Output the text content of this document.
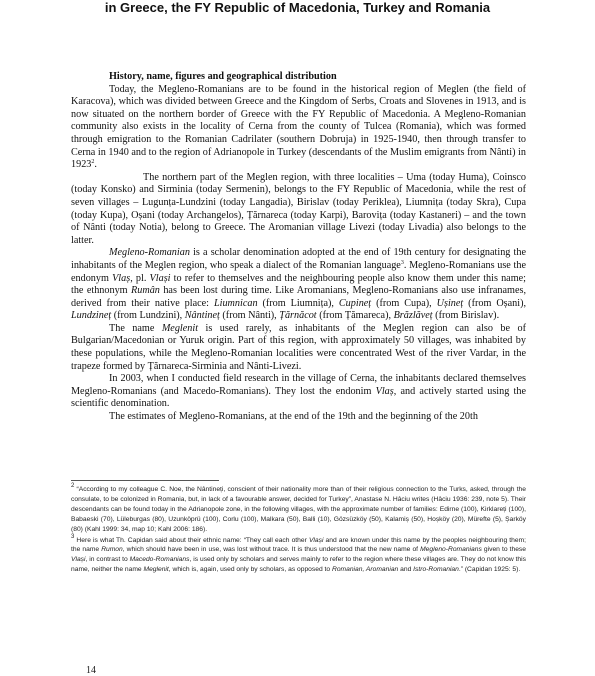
in Greece, the FY Republic of Macedonia, Turkey and Romania

History, name, figures and geographical distribution

Today, the Megleno-Romanians are to be found in the historical region of Meglen (the field of Karacova), which was divided between Greece and the Kingdom of Serbs, Croats and Slovenes in 1913, and is now situated on the northern border of Greece with the FY Republic of Macedonia. A Megleno-Romanian community also exists in the locality of Cerna from the county of Tulcea (Romania), which was formed through emigration to the Romanian Cadrilater (southern Dobruja) in 1925-1940, then through transfer to Cerna in 1940 and to the region of Adrianopole in Turkey (descendants of the Muslim emigrants from Nânti) in 1923$^2$.

The northern part of the Meglen region, with three localities – Uma (today Huma), Coinsco (today Konsko) and Sirminia (today Sermenin), belongs to the FY Republic of Macedonia, while the rest of seven villages – Lugunța-Lundzini (today Langadia), Birislav (today Periklea), Liumnița (today Skra), Cupa (today Kupa), Oșani (today Archangelos), Țărnareca (today Karpi), Barovița (today Kastaneri) – and the town of Nânti (today Notia), belong to Greece. The Aromanian village Livezi (today Livadia) also belongs to the latter.

Megleno-Romanian is a scholar denomination adopted at the end of 19th century for designating the inhabitants of the Meglen region, who speak a dialect of the Romanian language$^3$. Megleno-Romanians use the endonym Vlaș, pl. Vlași to refer to themselves and the neighbouring people also know them under this name; the ethnonym Rumân has been lost during time. Like Aromanians, Megleno-Romanians also use infranames, derived from their native place: Liumnican (from Liumnița), Cupineț (from Cupa), Ușineț (from Oșani), Lundzineț (from Lundzini), Nântineț (from Nânti), Țărnăcot (from Țămareca), Brăzlăveț (from Birislav).

The name Meglenit is used rarely, as inhabitants of the Meglen region can also be of Bulgarian/Macedonian or Yuruk origin. Part of this region, with approximately 50 villages, was inhabited by these populations, while the Megleno-Romanian localities were concentrated West of the river Vardar, in the trapeze formed by Țărnareca-Sirminia and Nânti-Livezi.

In 2003, when I conducted field research in the village of Cerna, the inhabitants declared themselves Megleno-Romanians (and Macedo-Romanians). They lost the endonim Vlaș, and actively started using the scientific denomination.

The estimates of Megleno-Romanians, at the end of the 19th and the beginning of the 20th

$^2$ “According to my colleague C. Noe, the Nântineți, conscient of their nationality more than of their religious connection to the Turks, asked, through the consulate, to be colonized in Romania, but, in lack of a favourable answer, decided for Turkey”, Anastase N. Hâciu writes (Hâciu 1936: 239, note 5). Their descendants can be found today in the Adrianopole zone, in the following villages, with the approximate number of families: Edirne (100), Kirklareți (100), Babaeski (70), Lüleburgas (80), Uzunköprü (100), Corlu (100), Malkara (50), Balli (10), Gözsüzköy (50), Kalamiș (50), Hoșköy (20), Mürefte (5), Șarköy (80) (Kahl 1999: 34, map 10; Kahl 2006: 186).

$^3$ Here is what Th. Capidan said about their ethnic name: “They call each other Vlași and are known under this name by the peoples neighbouring them; the name Rumon, which should have been in use, was lost without trace. It is thus understood that the new name of Megleno-Romanians given to these Vlași, in contrast to Macedo-Romanians, is used only by scholars and serves mainly to refer to the region where these villages are. They do not know this name, neither the name Meglenit, which is, again, used only by scholars, as opposed to Romanian, Aromanian and Istro-Romanian.” (Capidan 1925: 5).

14
